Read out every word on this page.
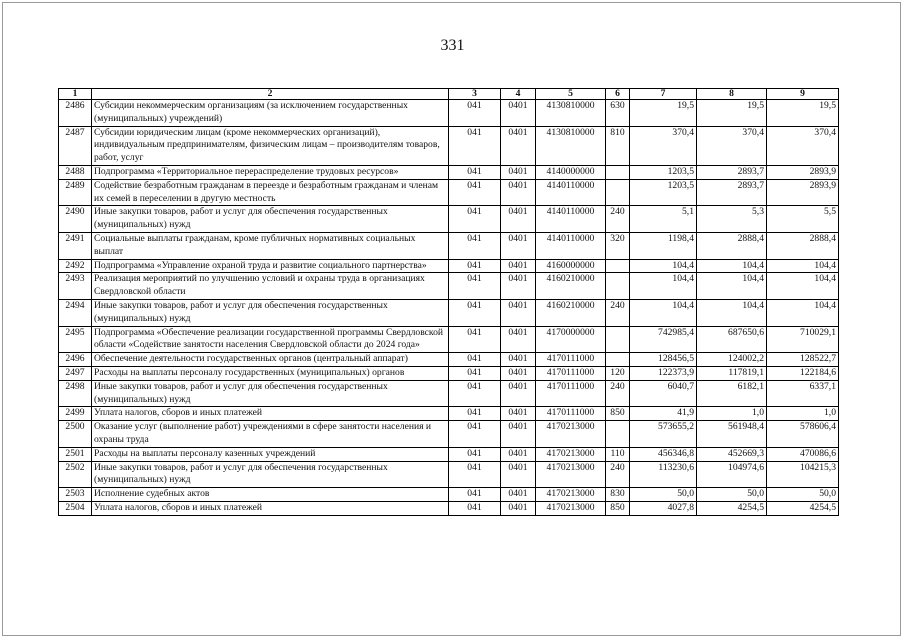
331
1	2	3	4	5	6	7	8	9
2486	Субсидии некоммерческим организациям (за исключением государственных (муниципальных) учреждений)	041	0401	4130810000	630	19,5	19,5	19,5
2487	Субсидии юридическим лицам (кроме некоммерческих организаций), индивидуальным предпринимателям, физическим лицам – производителям товаров, работ, услуг	041	0401	4130810000	810	370,4	370,4	370,4
2488	Подпрограмма «Территориальное перераспределение трудовых ресурсов»	041	0401	4140000000		1203,5	2893,7	2893,9
2489	Содействие безработным гражданам в переезде и безработным гражданам и членам их семей в переселении в другую местность	041	0401	4140110000		1203,5	2893,7	2893,9
2490	Иные закупки товаров, работ и услуг для обеспечения государственных (муниципальных) нужд	041	0401	4140110000	240	5,1	5,3	5,5
2491	Социальные выплаты гражданам, кроме публичных нормативных социальных выплат	041	0401	4140110000	320	1198,4	2888,4	2888,4
2492	Подпрограмма «Управление охраной труда и развитие социального партнерства»	041	0401	4160000000		104,4	104,4	104,4
2493	Реализация мероприятий по улучшению условий и охраны труда в организациях Свердловской области	041	0401	4160210000		104,4	104,4	104,4
2494	Иные закупки товаров, работ и услуг для обеспечения государственных (муниципальных) нужд	041	0401	4160210000	240	104,4	104,4	104,4
2495	Подпрограмма «Обеспечение реализации государственной программы Свердловской области «Содействие занятости населения Свердловской области до 2024 года»	041	0401	4170000000		742985,4	687650,6	710029,1
2496	Обеспечение деятельности государственных органов (центральный аппарат)	041	0401	4170111000		128456,5	124002,2	128522,7
2497	Расходы на выплаты персоналу государственных (муниципальных) органов	041	0401	4170111000	120	122373,9	117819,1	122184,6
2498	Иные закупки товаров, работ и услуг для обеспечения государственных (муниципальных) нужд	041	0401	4170111000	240	6040,7	6182,1	6337,1
2499	Уплата налогов, сборов и иных платежей	041	0401	4170111000	850	41,9	1,0	1,0
2500	Оказание услуг (выполнение работ) учреждениями в сфере занятости населения и охраны труда	041	0401	4170213000		573655,2	561948,4	578606,4
2501	Расходы на выплаты персоналу казенных учреждений	041	0401	4170213000	110	456346,8	452669,3	470086,6
2502	Иные закупки товаров, работ и услуг для обеспечения государственных (муниципальных) нужд	041	0401	4170213000	240	113230,6	104974,6	104215,3
2503	Исполнение судебных актов	041	0401	4170213000	830	50,0	50,0	50,0
2504	Уплата налогов, сборов и иных платежей	041	0401	4170213000	850	4027,8	4254,5	4254,5
